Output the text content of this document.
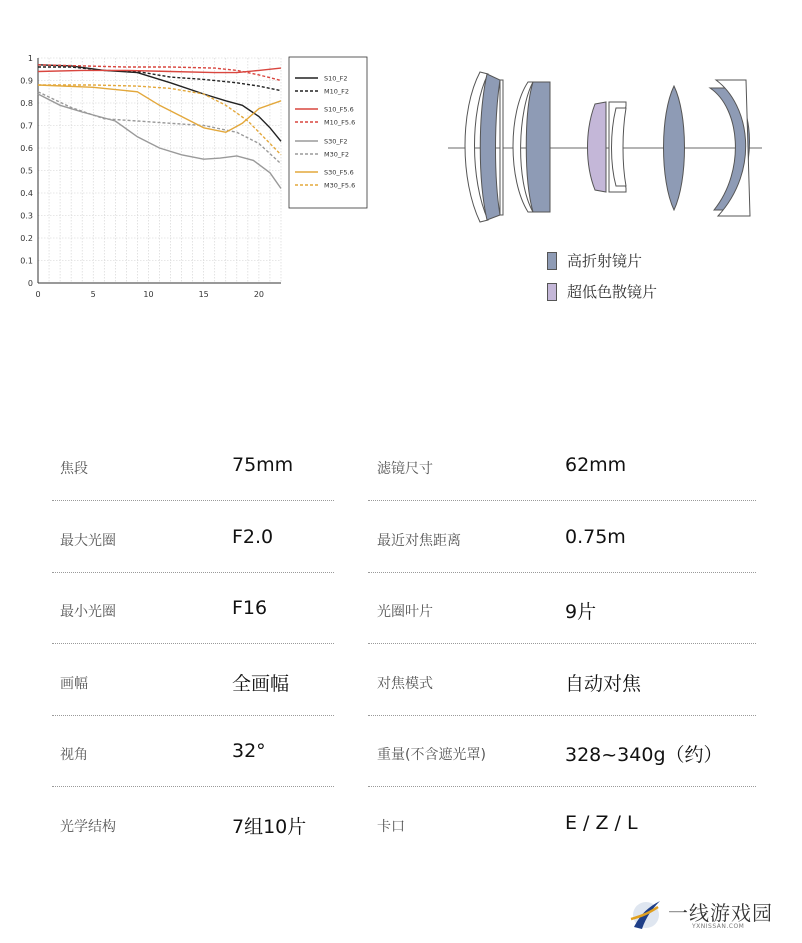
0
0.1
0.2
0.3
0.4
0.5
0.6
0.7
0.8
0.9
1
0	5	10	15	20
S10_F2
M10_F2
S10_F5.6
M10_F5.6
S30_F2
M30_F2
S30_F5.6
M30_F5.6
高折射镜片
超低色散镜片
焦段	75mm	滤镜尺寸	62mm
最大光圈	F2.0	最近对焦距离	0.75m
最小光圈	F16	光圈叶片	9片
画幅	全画幅	对焦模式	自动对焦
视角	32°	重量(不含遮光罩)	328~340g（约）
光学结构	7组10片	卡口	E / Z / L
一线游戏园
YXNISSAN.COM
